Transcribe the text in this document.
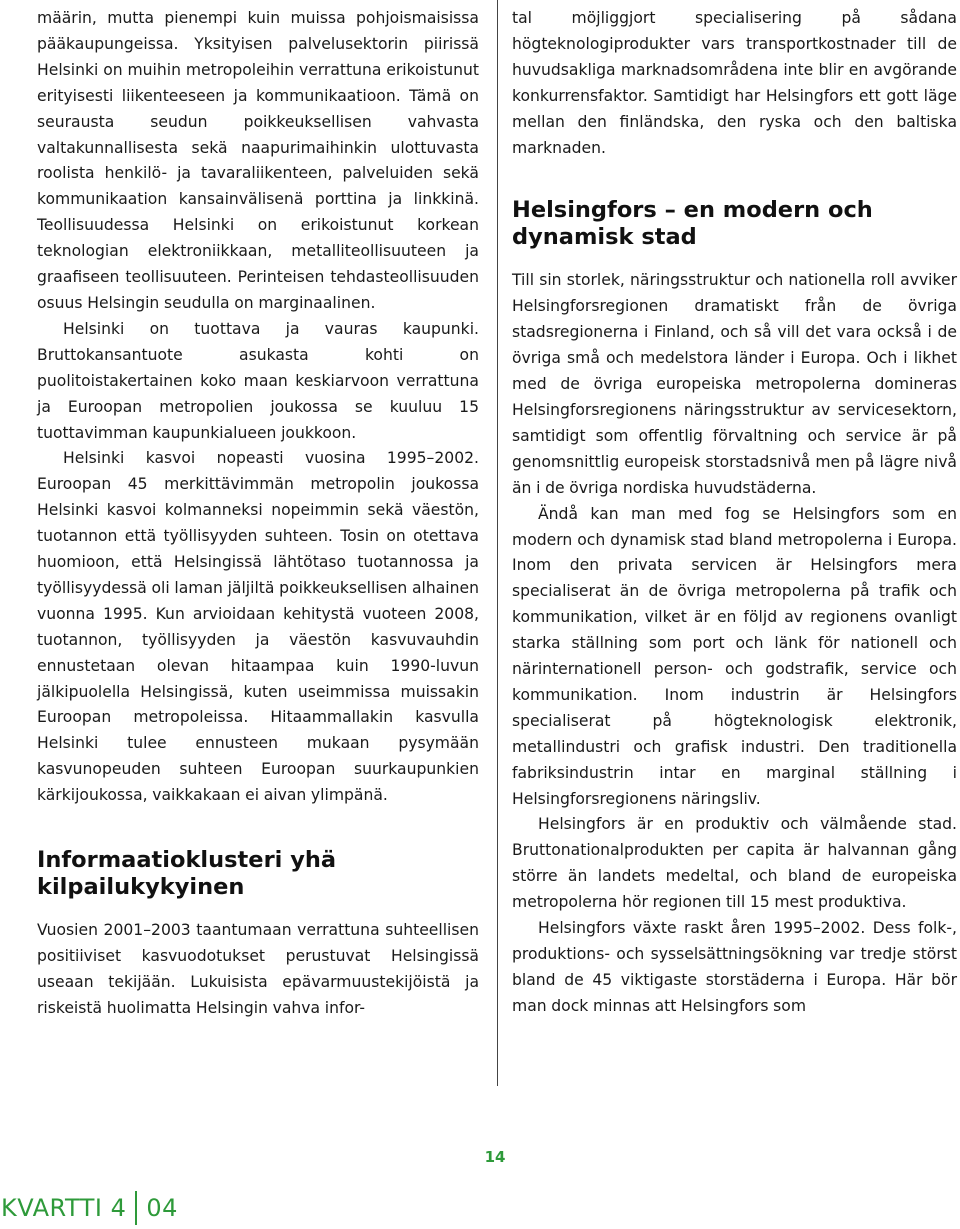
määrin, mutta pienempi kuin muissa pohjoismaisissa pääkaupungeissa. Yksityisen palvelusektorin piirissä Helsinki on muihin metropoleihin verrattuna erikoistunut erityisesti liikenteeseen ja kommunikaatioon. Tämä on seurausta seudun poikkeuksellisen vahvasta valtakunnallisesta sekä naapurimaihinkin ulottuvasta roolista henkilö- ja tavaraliikenteen, palveluiden sekä kommunikaation kansainvälisenä porttina ja linkkinä. Teollisuudessa Helsinki on erikoistunut korkean teknologian elektroniikkaan, metalliteollisuuteen ja graafiseen teollisuuteen. Perinteisen tehdasteollisuuden osuus Helsingin seudulla on marginaalinen.

Helsinki on tuottava ja vauras kaupunki. Bruttokansantuote asukasta kohti on puolitoistakertainen koko maan keskiarvoon verrattuna ja Euroopan metropolien joukossa se kuuluu 15 tuottavimman kaupunkialueen joukkoon.

Helsinki kasvoi nopeasti vuosina 1995–2002. Euroopan 45 merkittävimmän metropolin joukossa Helsinki kasvoi kolmanneksi nopeimmin sekä väestön, tuotannon että työllisyyden suhteen. Tosin on otettava huomioon, että Helsingissä lähtötaso tuotannossa ja työllisyydessä oli laman jäljiltä poikkeuksellisen alhainen vuonna 1995. Kun arvioidaan kehitystä vuoteen 2008, tuotannon, työllisyyden ja väestön kasvuvauhdin ennustetaan olevan hitaampaa kuin 1990-luvun jälkipuolella Helsingissä, kuten useimmissa muissakin Euroopan metropoleissa. Hitaammallakin kasvulla Helsinki tulee ennusteen mukaan pysymään kasvunopeuden suhteen Euroopan suurkaupunkien kärkijoukossa, vaikkakaan ei aivan ylimpänä.

Informaatioklusteri yhä kilpailukykyinen

Vuosien 2001–2003 taantumaan verrattuna suhteellisen positiiviset kasvuodotukset perustuvat Helsingissä useaan tekijään. Lukuisista epävarmuustekijöistä ja riskeistä huolimatta Helsingin vahva infor-

tal möjliggjort specialisering på sådana högteknologiprodukter vars transportkostnader till de huvudsakliga marknadsområdena inte blir en avgörande konkurrensfaktor. Samtidigt har Helsingfors ett gott läge mellan den finländska, den ryska och den baltiska marknaden.

Helsingfors – en modern och
dynamisk stad

Till sin storlek, näringsstruktur och nationella roll avviker Helsingforsregionen dramatiskt från de övriga stadsregionerna i Finland, och så vill det vara också i de övriga små och medelstora länder i Europa. Och i likhet med de övriga europeiska metropolerna domineras Helsingforsregionens näringsstruktur av servicesektorn, samtidigt som offentlig förvaltning och service är på genomsnittlig europeisk storstadsnivå men på lägre nivå än i de övriga nordiska huvudstäderna.

Ändå kan man med fog se Helsingfors som en modern och dynamisk stad bland metropolerna i Europa. Inom den privata servicen är Helsingfors mera specialiserat än de övriga metropolerna på trafik och kommunikation, vilket är en följd av regionens ovanligt starka ställning som port och länk för nationell och närinternationell person- och godstrafik, service och kommunikation. Inom industrin är Helsingfors specialiserat på högteknologisk elektronik, metallindustri och grafisk industri. Den traditionella fabriksindustrin intar en marginal ställning i Helsingforsregionens näringsliv.

Helsingfors är en produktiv och välmående stad. Bruttonationalprodukten per capita är halvannan gång större än landets medeltal, och bland de europeiska metropolerna hör regionen till 15 mest produktiva.

Helsingfors växte raskt åren 1995–2002. Dess folk-, produktions- och sysselsättningsökning var tredje störst bland de 45 viktigaste storstäderna i Europa. Här bör man dock minnas att Helsingfors som

14
KVARTTI 4 04
